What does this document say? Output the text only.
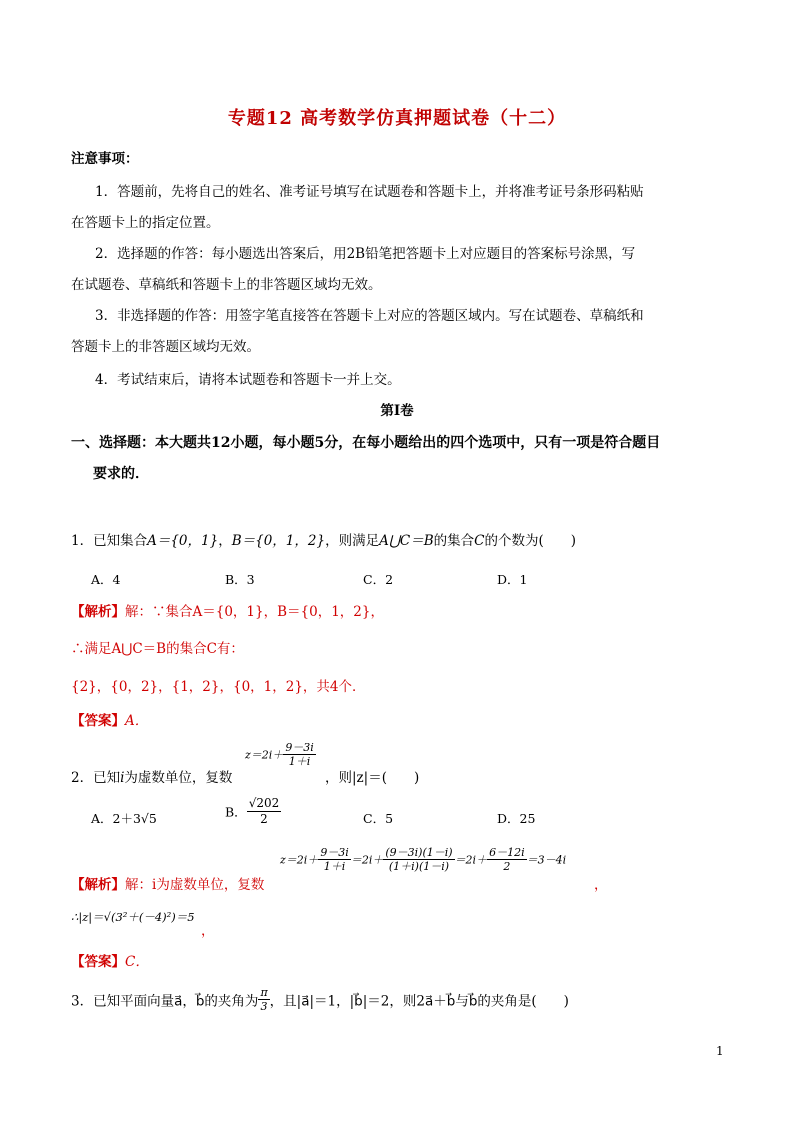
专题12 高考数学仿真押题试卷（十二）
注意事项：
1．答题前，先将自己的姓名、准考证号填写在试题卷和答题卡上，并将准考证号条形码粘贴
在答题卡上的指定位置。
2．选择题的作答：每小题选出答案后，用2B铅笔把答题卡上对应题目的答案标号涂黑，写
在试题卷、草稿纸和答题卡上的非答题区域均无效。
3．非选择题的作答：用签字笔直接答在答题卡上对应的答题区域内。写在试题卷、草稿纸和
答题卡上的非答题区域均无效。
4．考试结束后，请将本试题卷和答题卡一并上交。
第Ⅰ卷
一、选择题：本大题共12小题，每小题5分，在每小题给出的四个选项中，只有一项是符合题目
要求的．
1．已知集合A＝{0，1}，B＝{0，1，2}，则满足A⋃C＝B的集合C的个数为(　　)
A．4	B．3	C．2	D．1
【解析】解：∵集合A＝{0，1}，B＝{0，1，2}，
∴满足A⋃C＝B的集合C有：
{2}，{0，2}，{1，2}，{0，1，2}，共4个．
【答案】A．
2．已知i为虚数单位，复数
$z=2i+ \frac{9-3i}{1+i}$
，则|z|＝(　　)
A．2＋3√5	B． $\frac{√202}{2}$	C．5	D．25
【解析】解：i为虚数单位，复数
$z=2i+ \frac{9-3i}{1+i} =2i+ \frac{(9-3i)(1-i)}{(1+i)(1-i)} =2i+ \frac{6-12i}{2} =3-4i$
，
∴|z|＝√(3²＋(－4)²)＝5
，
【答案】C．
3．已知平面向量a⃗，b⃗的夹角为 $\frac{\pi}{3}$ ，且|a⃗|＝1，|b⃗|＝2，则2a⃗＋b⃗与b⃗的夹角是(　　)
1
